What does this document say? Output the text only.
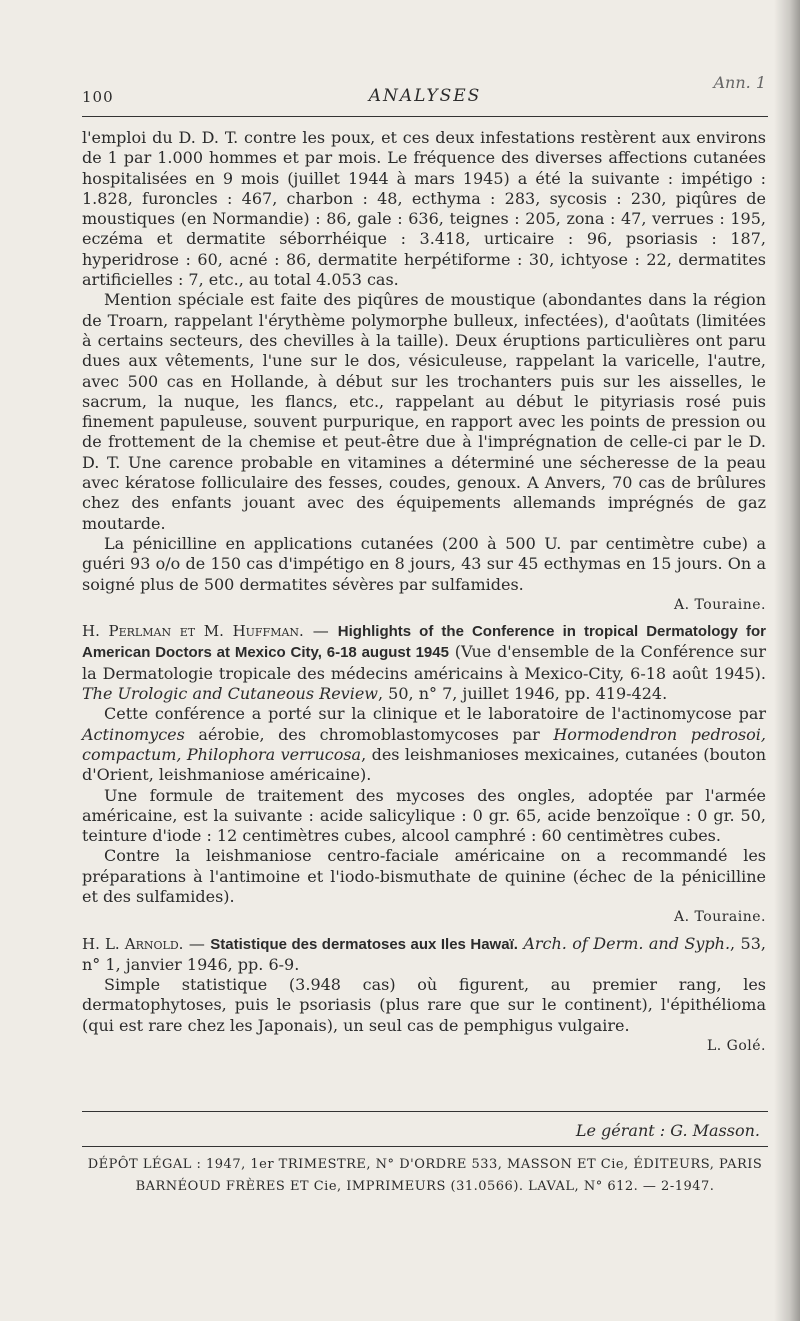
Ann. 1
100	ANALYSES

l'emploi du D. D. T. contre les poux, et ces deux infestations restèrent aux environs de 1 par 1.000 hommes et par mois. Le fréquence des diverses affections cutanées hospitalisées en 9 mois (juillet 1944 à mars 1945) a été la suivante : impétigo : 1.828, furoncles : 467, charbon : 48, ecthyma : 283, sycosis : 230, piqûres de moustiques (en Normandie) : 86, gale : 636, teignes : 205, zona : 47, verrues : 195, eczéma et dermatite séborrhéique : 3.418, urticaire : 96, psoriasis : 187, hyperidrose : 60, acné : 86, dermatite herpétiforme : 30, ichtyose : 22, dermatites artificielles : 7, etc., au total 4.053 cas.

Mention spéciale est faite des piqûres de moustique (abondantes dans la région de Troarn, rappelant l'érythème polymorphe bulleux, infectées), d'aoûtats (limitées à certains secteurs, des chevilles à la taille). Deux éruptions particulières ont paru dues aux vêtements, l'une sur le dos, vésiculeuse, rappelant la varicelle, l'autre, avec 500 cas en Hollande, à début sur les trochanters puis sur les aisselles, le sacrum, la nuque, les flancs, etc., rappelant au début le pityriasis rosé puis finement papuleuse, souvent purpurique, en rapport avec les points de pression ou de frottement de la chemise et peut-être due à l'imprégnation de celle-ci par le D. D. T. Une carence probable en vitamines a déterminé une sécheresse de la peau avec kératose folliculaire des fesses, coudes, genoux. A Anvers, 70 cas de brûlures chez des enfants jouant avec des équipements allemands imprégnés de gaz moutarde.

La pénicilline en applications cutanées (200 à 500 U. par centimètre cube) a guéri 93 o/o de 150 cas d'impétigo en 8 jours, 43 sur 45 ecthymas en 15 jours. On a soigné plus de 500 dermatites sévères par sulfamides.

A. Touraine.

H. Perlman et M. Huffman. — Highlights of the Conference in tropical Dermatology for American Doctors at Mexico City, 6-18 august 1945 (Vue d'ensemble de la Conférence sur la Dermatologie tropicale des médecins américains à Mexico-City, 6-18 août 1945). The Urologic and Cutaneous Review, 50, n° 7, juillet 1946, pp. 419-424.

Cette conférence a porté sur la clinique et le laboratoire de l'actinomycose par Actinomyces aérobie, des chromoblastomycoses par Hormodendron pedrosoi, compactum, Philophora verrucosa, des leishmanioses mexicaines, cutanées (bouton d'Orient, leishmaniose américaine).

Une formule de traitement des mycoses des ongles, adoptée par l'armée américaine, est la suivante : acide salicylique : 0 gr. 65, acide benzoïque : 0 gr. 50, teinture d'iode : 12 centimètres cubes, alcool camphré : 60 centimètres cubes.

Contre la leishmaniose centro-faciale américaine on a recommandé les préparations à l'antimoine et l'iodo-bismuthate de quinine (échec de la pénicilline et des sulfamides).

A. Touraine.

H. L. Arnold. — Statistique des dermatoses aux Iles Hawaï. Arch. of Derm. and Syph., 53, n° 1, janvier 1946, pp. 6-9.

Simple statistique (3.948 cas) où figurent, au premier rang, les dermatophytoses, puis le psoriasis (plus rare que sur le continent), l'épithélioma (qui est rare chez les Japonais), un seul cas de pemphigus vulgaire.

L. Golé.

Le gérant : G. Masson.
DÉPÔT LÉGAL : 1947, 1er TRIMESTRE, N° D'ORDRE 533, MASSON ET Cie, ÉDITEURS, PARIS
BARNÉOUD FRÈRES ET Cie, IMPRIMEURS (31.0566). LAVAL, N° 612. — 2-1947.
